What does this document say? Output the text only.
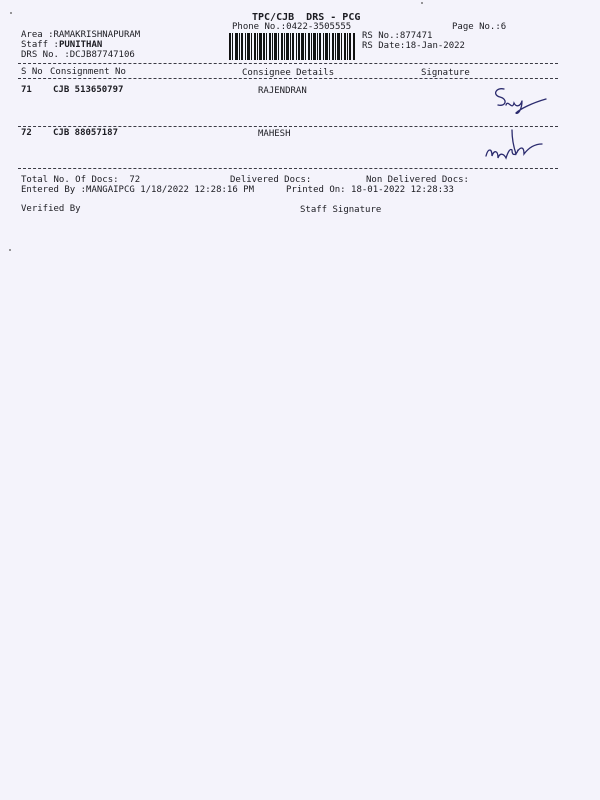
TPC/CJB  DRS - PCG
Phone No.:0422-3505555	Page No.:6
Area :RAMAKRISHNAPURAM
Staff :PUNITHAN
DRS No. :DCJB87747106
RS No.:877471
RS Date:18-Jan-2022
S No Consignment No	Consignee Details	Signature
71 CJB 513650797	RAJENDRAN
72 CJB 88057187	MAHESH
Total No. Of Docs:  72	Delivered Docs:	Non Delivered Docs:
Entered By :MANGAIPCG 1/18/2022 12:28:16 PM	Printed On: 18-01-2022 12:28:33
Verified By	Staff Signature
